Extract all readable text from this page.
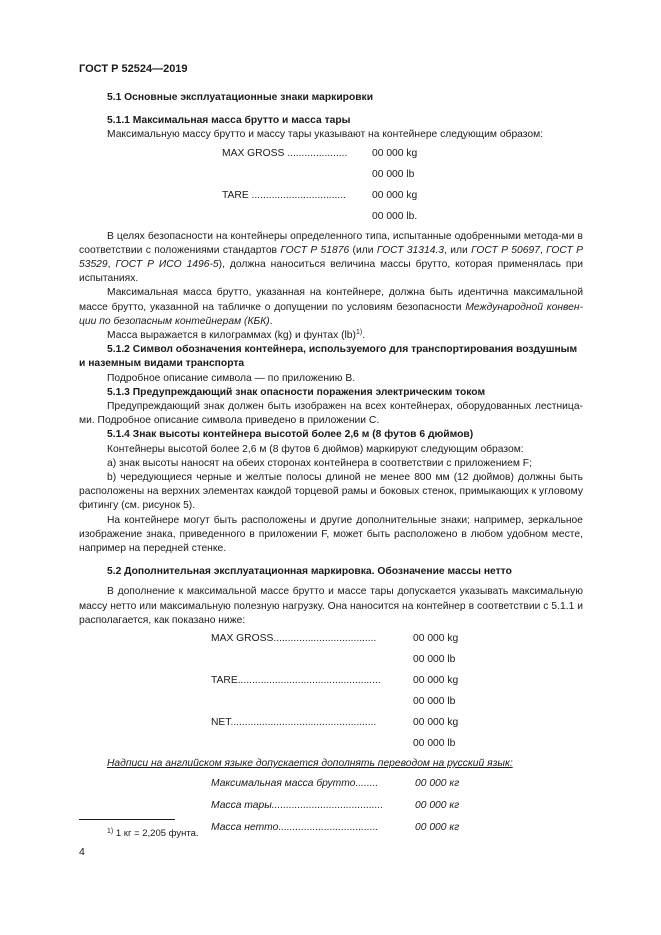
ГОСТ Р 52524—2019

5.1 Основные эксплуатационные знаки маркировки

5.1.1 Максимальная масса брутто и масса тары

Максимальную массу брутто и массу тары указывают на контейнере следующим образом:

MAX GROSS ..................... 00 000 kg
00 000 lb
TARE .................................	00 000 kg
00 000 lb.

В целях безопасности на контейнеры определенного типа, испытанные одобренными метода-ми в соответствии с положениями стандартов ГОСТ Р 51876 (или ГОСТ 31314.3, или ГОСТ Р 50697, ГОСТ Р 53529, ГОСТ Р ИСО 1496-5), должна наноситься величина массы брутто, которая применялась при испытаниях.

Максимальная масса брутто, указанная на контейнере, должна быть идентична максимальной массе брутто, указанной на табличке о допущении по условиям безопасности Международной конвен-ции по безопасным контейнерам (КБК).

Масса выражается в килограммах (kg) и фунтах (lb)$^{1)}$.

5.1.2 Символ обозначения контейнера, используемого для транспортирования воздушным и наземным видами транспорта

Подробное описание символа — по приложению В.

5.1.3 Предупреждающий знак опасности поражения электрическим током

Предупреждающий знак должен быть изображен на всех контейнерах, оборудованных лестница-ми. Подробное описание символа приведено в приложении С.

5.1.4 Знак высоты контейнера высотой более 2,6 м (8 футов 6 дюймов)

Контейнеры высотой более 2,6 м (8 футов 6 дюймов) маркируют следующим образом:

а) знак высоты наносят на обеих сторонах контейнера в соответствии с приложением F;

b) чередующиеся черные и желтые полосы длиной не менее 800 мм (12 дюймов) должны быть расположены на верхних элементах каждой торцевой рамы и боковых стенок, примыкающих к угловому фитингу (см. рисунок 5).

На контейнере могут быть расположены и другие дополнительные знаки; например, зеркальное изображение знака, приведенного в приложении F, может быть расположено в любом удобном месте, например на передней стенке.

5.2 Дополнительная эксплуатационная маркировка. Обозначение массы нетто

В дополнение к максимальной массе брутто и массе тары допускается указывать максимальную массу нетто или максимальную полезную нагрузку. Она наносится на контейнер в соответствии с 5.1.1 и располагается, как показано ниже:

MAX GROSS....................................	00 000 kg
00 000 lb
TARE..................................................	00 000 kg
00 000 lb
NET...................................................	00 000 kg
00 000 lb

Надписи на английском языке допускается дополнять переводом на русский язык:

Максимальная масса брутто........	00 000 кг
Масса тары.......................................	00 000 кг
Масса нетто...................................	00 000 кг
$^{1)}$ 1 кг = 2,205 фунта.
4
